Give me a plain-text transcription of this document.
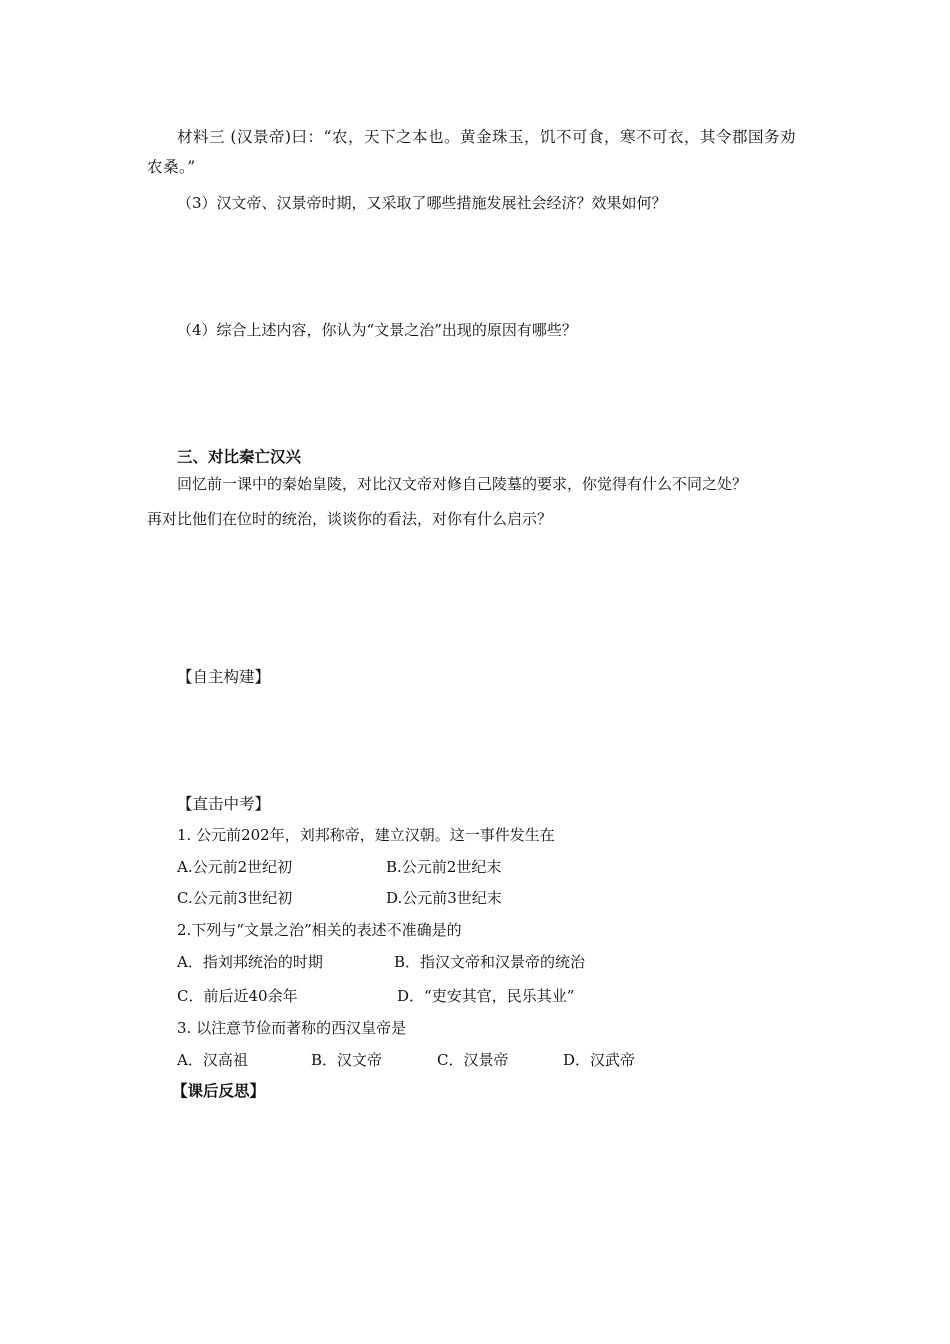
材料三 (汉景帝)曰：“农，天下之本也。黄金珠玉，饥不可食，寒不可衣，其令郡国务劝
农桑。”
（3）汉文帝、汉景帝时期，又采取了哪些措施发展社会经济？效果如何？
（4）综合上述内容，你认为“文景之治”出现的原因有哪些？
三、对比秦亡汉兴
回忆前一课中的秦始皇陵，对比汉文帝对修自己陵墓的要求，你觉得有什么不同之处？
再对比他们在位时的统治，谈谈你的看法，对你有什么启示？
【自主构建】
【直击中考】
1. 公元前202年，刘邦称帝，建立汉朝。这一事件发生在
A.公元前2世纪初	B.公元前2世纪末
C.公元前3世纪初	D.公元前3世纪末
2.下列与“文景之治”相关的表述不准确是的
A．指刘邦统治的时期	B．指汉文帝和汉景帝的统治
C．前后近40余年	D．“吏安其官，民乐其业”
3. 以注意节俭而著称的西汉皇帝是
A．汉高祖	B．汉文帝	C．汉景帝	D．汉武帝
【课后反思】
